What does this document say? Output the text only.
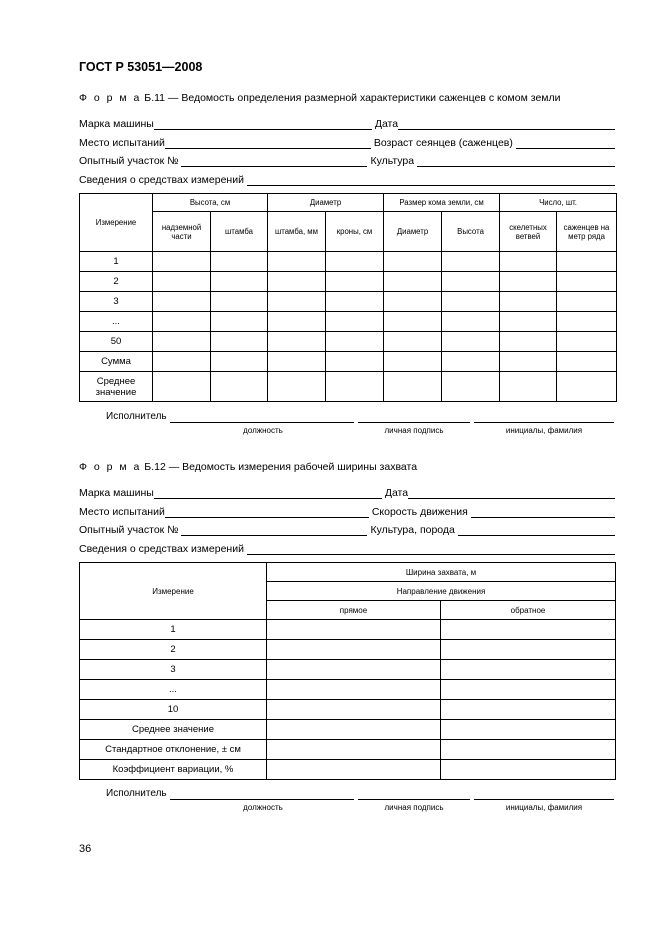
ГОСТ Р 53051—2008
Ф о р м а Б.11 — Ведомость определения размерной характеристики саженцев с комом земли
Марка машины	Дата
Место испытаний	Возраст сеянцев (саженцев)
Опытный участок №	Культура
Сведения о средствах измерений
Измерение	Высота, см		Диаметр		Размер кома земли, см		Число, шт.	
	надземной части	штамба	штамба, мм	кроны, см	Диаметр	Высота	скелетных ветвей	саженцев на метр ряда
1								
2								
3								
...								
50								
Сумма								
Среднее значение								
Исполнитель
должность	личная подпись	инициалы, фамилия
Ф о р м а Б.12 — Ведомость измерения рабочей ширины захвата
Марка машины	Дата
Место испытаний	Скорость движения
Опытный участок №	Культура, порода
Сведения о средствах измерений
Измерение	Ширина захвата, м	
	Направление движения	
	прямое	обратное
1		
2		
3		
...		
10		
Среднее значение		
Стандартное отклонение, ± см		
Коэффициент вариации, %		
Исполнитель
должность	личная подпись	инициалы, фамилия
36
